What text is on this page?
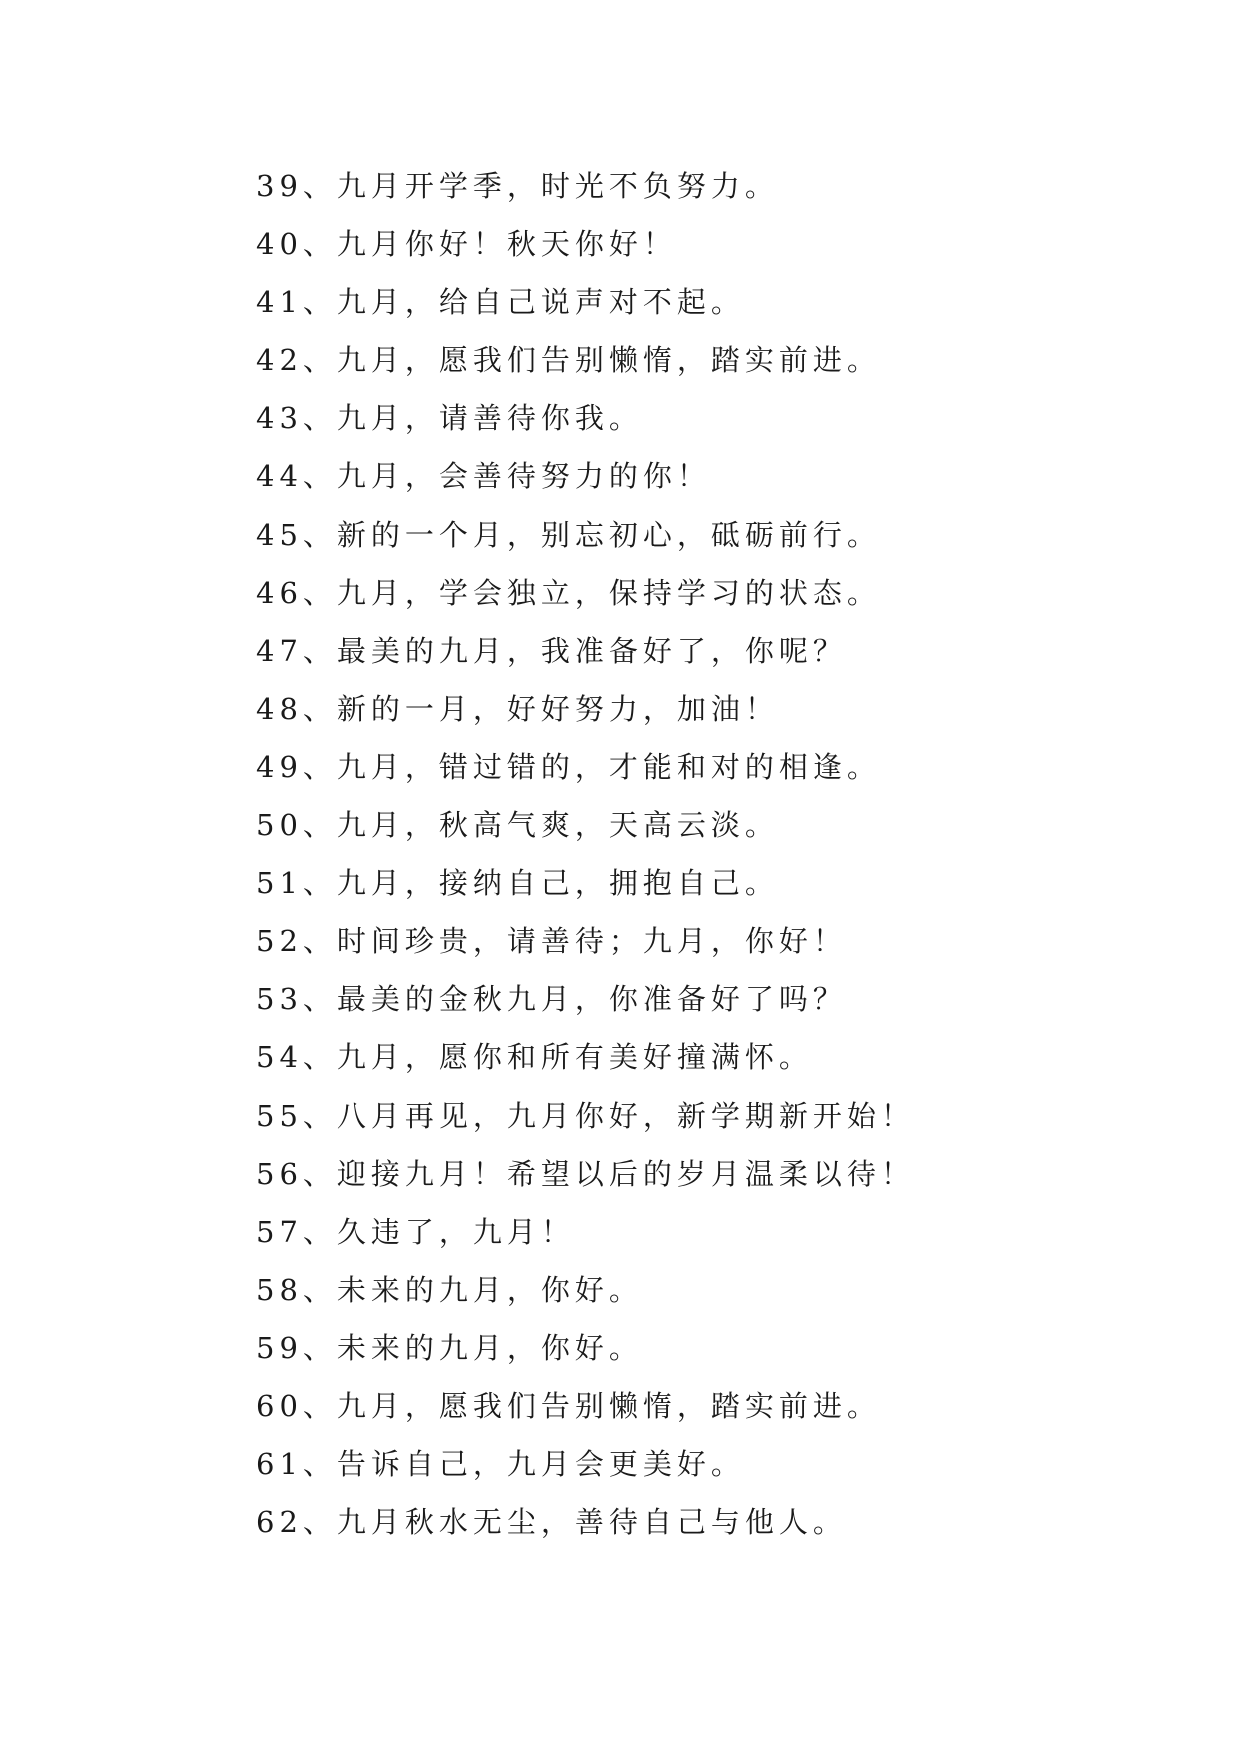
39、九月开学季，时光不负努力。
40、九月你好！秋天你好！
41、九月，给自己说声对不起。
42、九月，愿我们告别懒惰，踏实前进。
43、九月，请善待你我。
44、九月，会善待努力的你！
45、新的一个月，别忘初心，砥砺前行。
46、九月，学会独立，保持学习的状态。
47、最美的九月，我准备好了，你呢？
48、新的一月，好好努力，加油！
49、九月，错过错的，才能和对的相逢。
50、九月，秋高气爽，天高云淡。
51、九月，接纳自己，拥抱自己。
52、时间珍贵，请善待；九月，你好！
53、最美的金秋九月，你准备好了吗？
54、九月，愿你和所有美好撞满怀。
55、八月再见，九月你好，新学期新开始！
56、迎接九月！希望以后的岁月温柔以待！
57、久违了，九月！
58、未来的九月，你好。
59、未来的九月，你好。
60、九月，愿我们告别懒惰，踏实前进。
61、告诉自己，九月会更美好。
62、九月秋水无尘，善待自己与他人。
